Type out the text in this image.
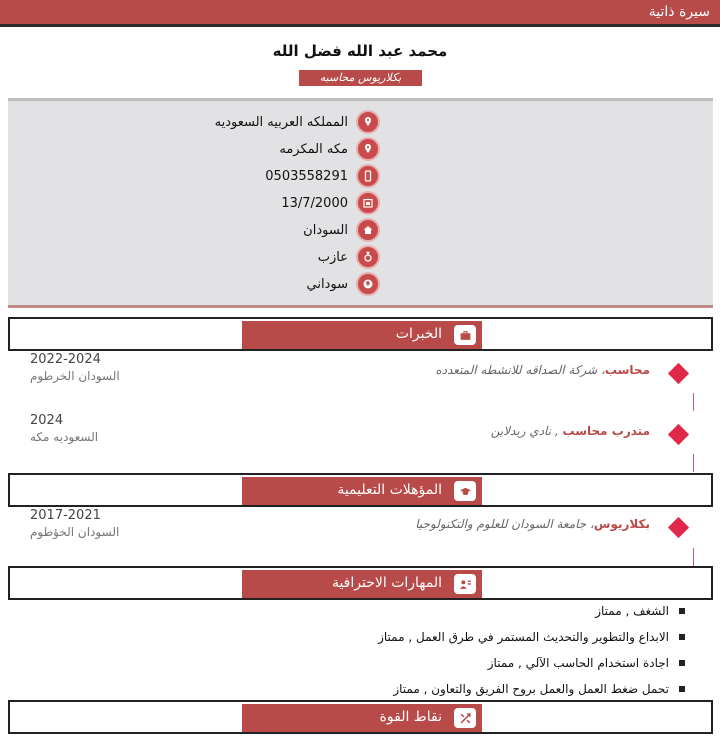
سيرة ذاتية
محمد عبد الله فضل الله
بكلاريوس محاسبه
المملكه العربيه السعوديه
مكه المكرمه
0503558291
13/7/2000
السودان
عازب
سوداني
الخبرات
2022-2024
السودان الخرطوم	محاسب، شركة الصداقه للانشطه المتعدده
2024
السعوديه مكه	متدرب محاسب , نادي ريدلاين
المؤهلات التعليمية
2017-2021
السودان الخؤطوم
بكلاريوس، جامعة السودان للعلوم والتكنولوجيا
المهارات الاحترافية
الشغف , ممتاز
الابداع والتطوير والتحديث المستمر في طرق العمل , ممتاز
اجادة استخدام الحاسب الآلي , ممتاز
تحمل ضغط العمل والعمل بروح الفريق والتعاون , ممتاز
نقاط القوة
